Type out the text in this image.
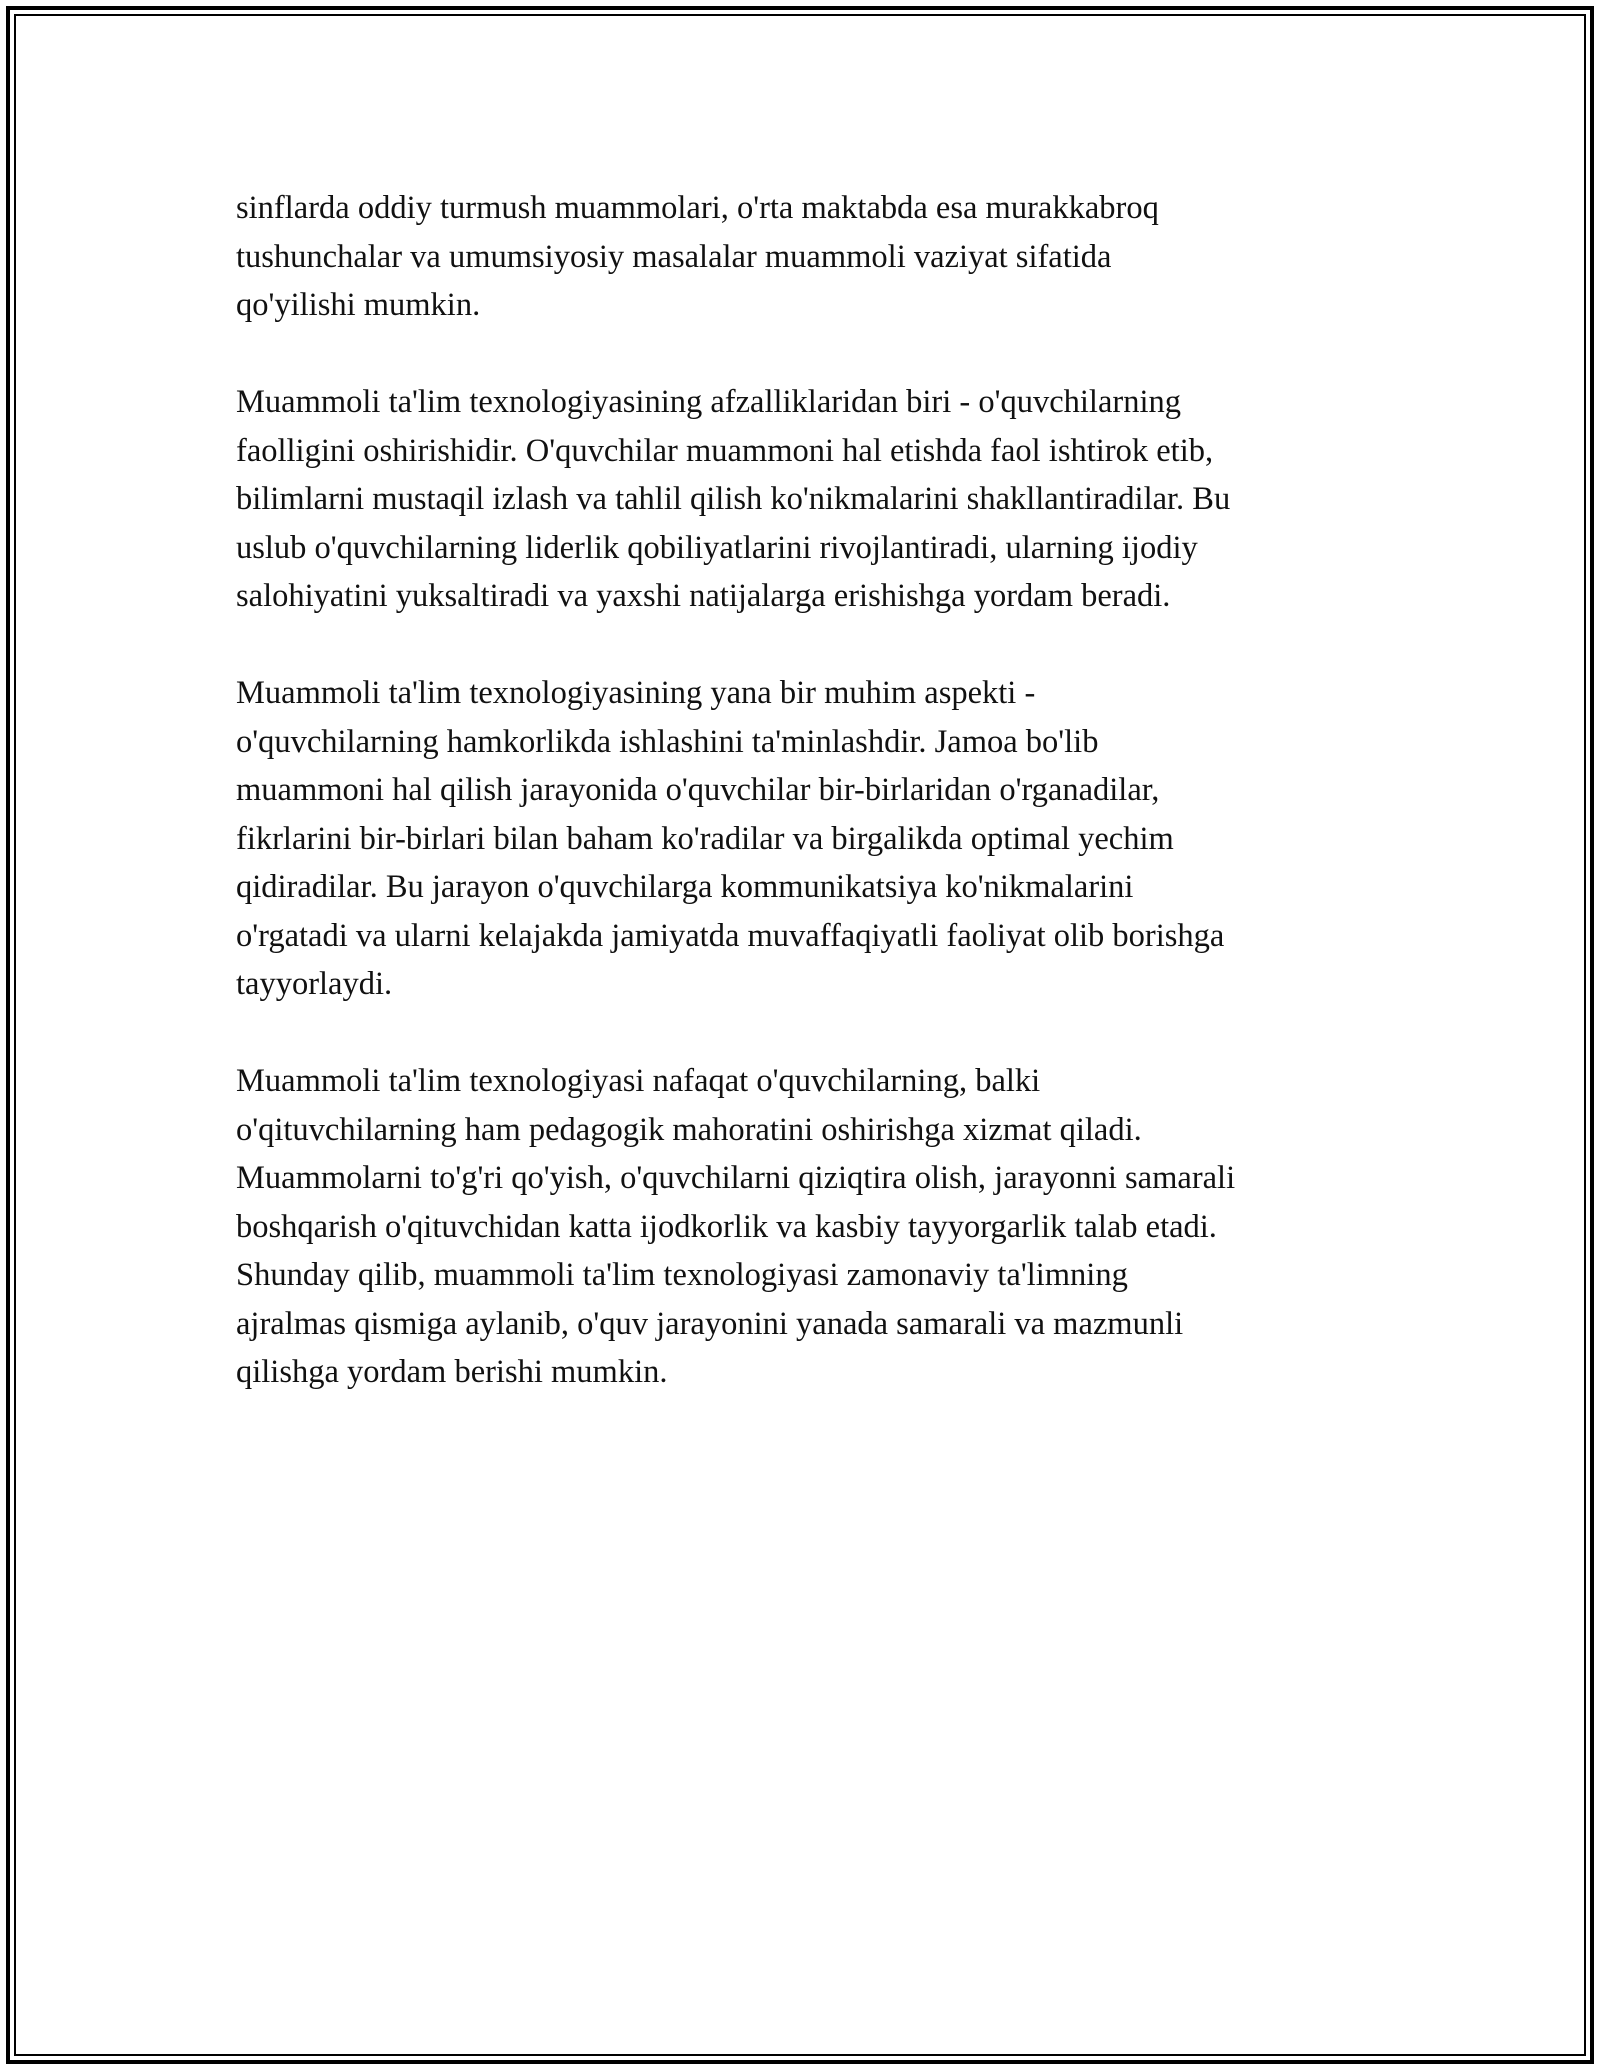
sinflarda oddiy turmush muammolari, o'rta maktabda esa murakkabroq
tushunchalar va umumsiyosiy masalalar muammoli vaziyat sifatida
qo'yilishi mumkin.

Muammoli ta'lim texnologiyasining afzalliklaridan biri - o'quvchilarning
faolligini oshirishidir. O'quvchilar muammoni hal etishda faol ishtirok etib,
bilimlarni mustaqil izlash va tahlil qilish ko'nikmalarini shakllantiradilar. Bu
uslub o'quvchilarning liderlik qobiliyatlarini rivojlantiradi, ularning ijodiy
salohiyatini yuksaltiradi va yaxshi natijalarga erishishga yordam beradi.

Muammoli ta'lim texnologiyasining yana bir muhim aspekti -
o'quvchilarning hamkorlikda ishlashini ta'minlashdir. Jamoa bo'lib
muammoni hal qilish jarayonida o'quvchilar bir-birlaridan o'rganadilar,
fikrlarini bir-birlari bilan baham ko'radilar va birgalikda optimal yechim
qidiradilar. Bu jarayon o'quvchilarga kommunikatsiya ko'nikmalarini
o'rgatadi va ularni kelajakda jamiyatda muvaffaqiyatli faoliyat olib borishga
tayyorlaydi.

Muammoli ta'lim texnologiyasi nafaqat o'quvchilarning, balki
o'qituvchilarning ham pedagogik mahoratini oshirishga xizmat qiladi.
Muammolarni to'g'ri qo'yish, o'quvchilarni qiziqtira olish, jarayonni samarali
boshqarish o'qituvchidan katta ijodkorlik va kasbiy tayyorgarlik talab etadi.
Shunday qilib, muammoli ta'lim texnologiyasi zamonaviy ta'limning
ajralmas qismiga aylanib, o'quv jarayonini yanada samarali va mazmunli
qilishga yordam berishi mumkin.
